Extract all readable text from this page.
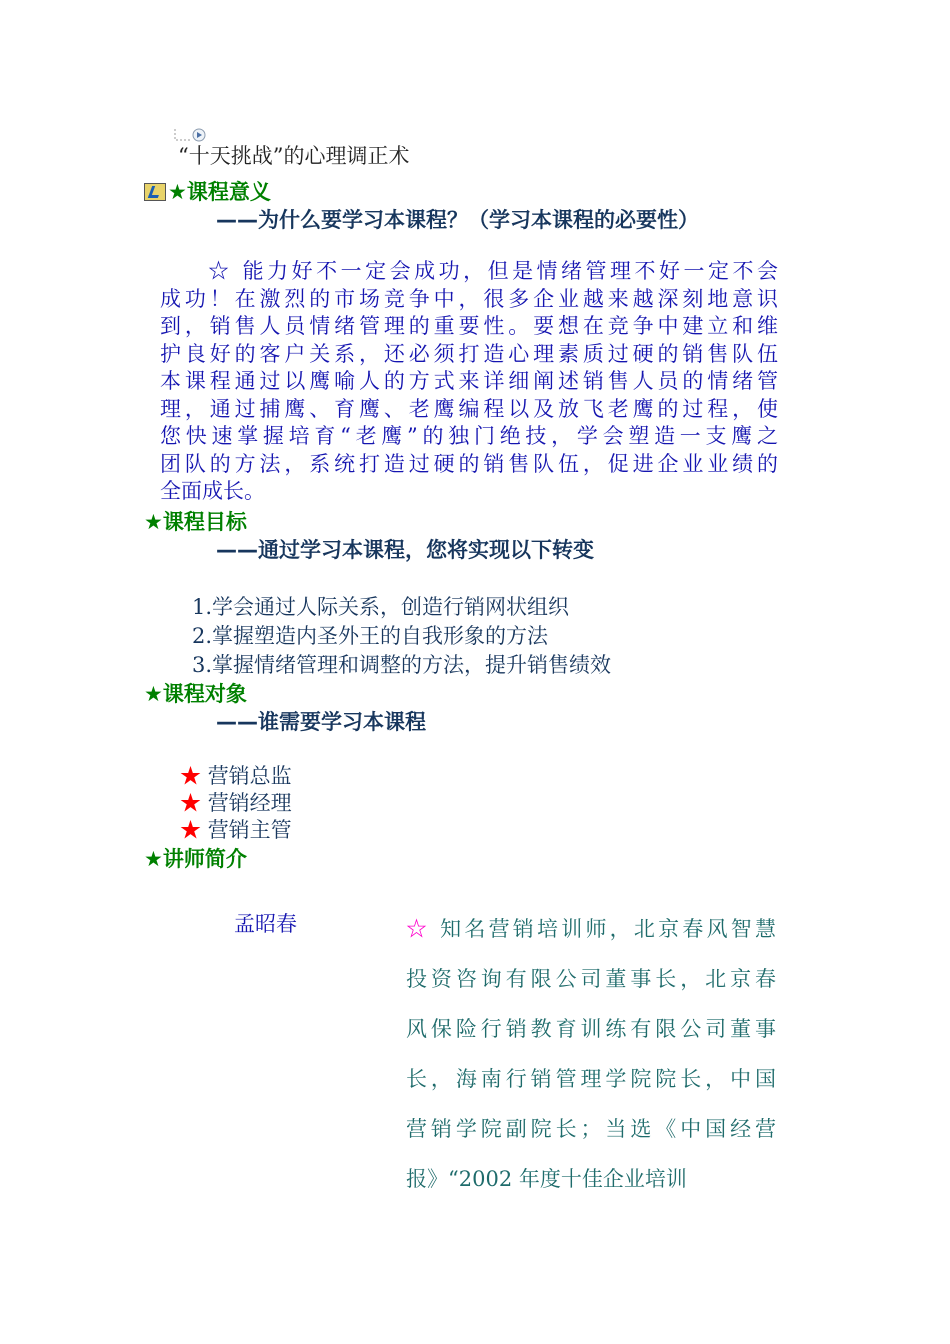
“十天挑战”的心理调正术
★课程意义
——为什么要学习本课程？（学习本课程的必要性）
☆ 能力好不一定会成功，但是情绪管理不好一定不会
成功！在激烈的市场竞争中，很多企业越来越深刻地意识
到，销售人员情绪管理的重要性。要想在竞争中建立和维
护良好的客户关系，还必须打造心理素质过硬的销售队伍
本课程通过以鹰喻人的方式来详细阐述销售人员的情绪管
理，通过捕鹰、育鹰、老鹰编程以及放飞老鹰的过程，使
您快速掌握培育“老鹰”的独门绝技，学会塑造一支鹰之
团队的方法，系统打造过硬的销售队伍，促进企业业绩的
全面成长。
★课程目标
——通过学习本课程，您将实现以下转变
1.学会通过人际关系，创造行销网状组织
2.掌握塑造内圣外王的自我形象的方法
3.掌握情绪管理和调整的方法，提升销售绩效
★课程对象
——谁需要学习本课程
★ 营销总监
★ 营销经理
★ 营销主管
★讲师简介
孟昭春	☆ 知名营销培训师，北京春风智慧
投资咨询有限公司董事长，北京春
风保险行销教育训练有限公司董事
长，海南行销管理学院院长，中国
营销学院副院长；当选《中国经营
报》“2002 年度十佳企业培训
